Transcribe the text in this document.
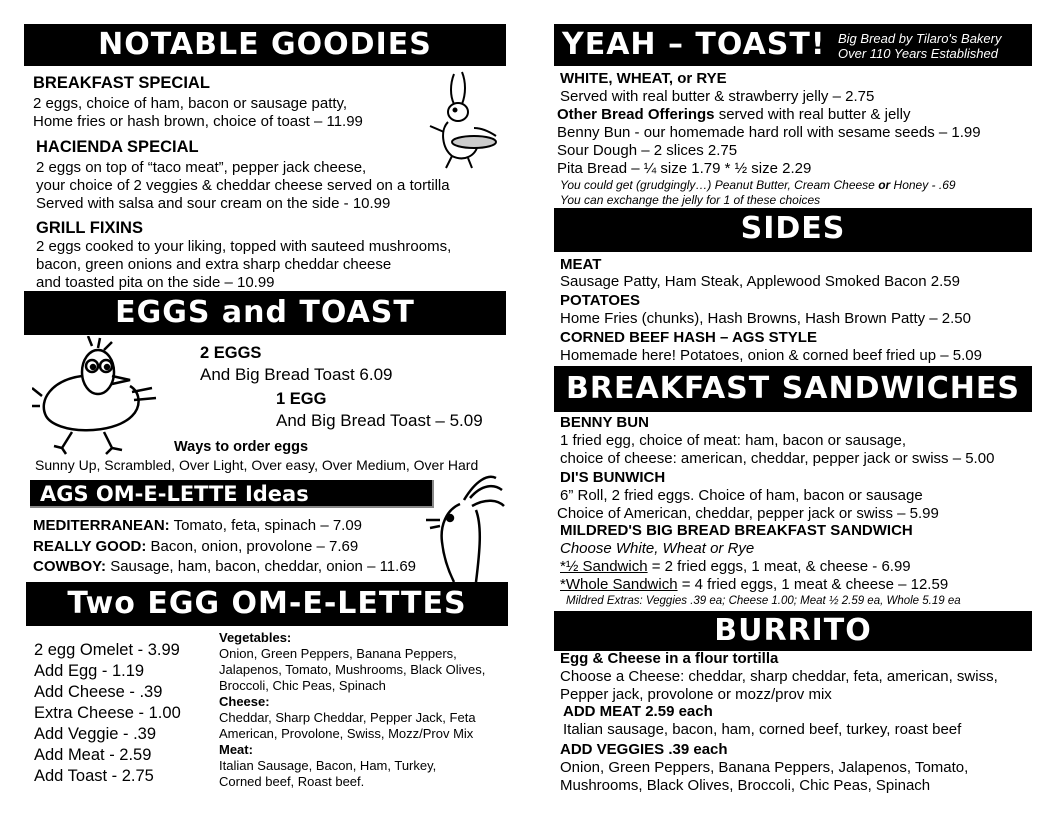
NOTABLE GOODIES
BREAKFAST SPECIAL
2 eggs, choice of ham, bacon or sausage patty,
Home fries or hash brown, choice of toast – 11.99
HACIENDA SPECIAL
2 eggs on top of “taco meat”, pepper jack cheese,
your choice of 2 veggies & cheddar cheese served on a tortilla
Served with salsa and sour cream on the side - 10.99
GRILL FIXINS
2 eggs cooked to your liking, topped with sauteed mushrooms,
bacon, green onions and extra sharp cheddar cheese
and toasted pita on the side – 10.99
EGGS and TOAST
2 EGGS
And Big Bread Toast 6.09
1 EGG
And Big Bread Toast – 5.09
Ways to order eggs
Sunny Up, Scrambled, Over Light, Over easy, Over Medium, Over Hard
AGS OM-E-LETTE Ideas
MEDITERRANEAN: Tomato, feta, spinach – 7.09
REALLY GOOD: Bacon, onion, provolone – 7.69
COWBOY: Sausage, ham, bacon, cheddar, onion – 11.69
Two EGG OM-E-LETTES
2 egg Omelet - 3.99
Add Egg - 1.19
Add Cheese - .39
Extra Cheese - 1.00
Add Veggie - .39
Add Meat - 2.59
Add Toast - 2.75
Vegetables:
Onion, Green Peppers, Banana Peppers,
Jalapenos, Tomato, Mushrooms, Black Olives,
Broccoli, Chic Peas, Spinach
Cheese:
Cheddar, Sharp Cheddar, Pepper Jack, Feta
American, Provolone, Swiss, Mozz/Prov Mix
Meat:
Italian Sausage, Bacon, Ham, Turkey,
Corned beef, Roast beef.
YEAH – TOAST! Big Bread by Tilaro's Bakery
Over 110 Years Established
WHITE, WHEAT, or RYE
Served with real butter & strawberry jelly – 2.75
Other Bread Offerings served with real butter & jelly
Benny Bun - our homemade hard roll with sesame seeds – 1.99
Sour Dough – 2 slices 2.75
Pita Bread – ¼ size 1.79 * ½ size 2.29
You could get (grudgingly…) Peanut Butter, Cream Cheese or Honey - .69
You can exchange the jelly for 1 of these choices
SIDES
MEAT
Sausage Patty, Ham Steak, Applewood Smoked Bacon 2.59
POTATOES
Home Fries (chunks), Hash Browns, Hash Brown Patty – 2.50
CORNED BEEF HASH – AGS STYLE
Homemade here! Potatoes, onion & corned beef fried up – 5.09
BREAKFAST SANDWICHES
BENNY BUN
1 fried egg, choice of meat: ham, bacon or sausage,
choice of cheese: american, cheddar, pepper jack or swiss – 5.00
DI'S BUNWICH
6” Roll, 2 fried eggs. Choice of ham, bacon or sausage
Choice of American, cheddar, pepper jack or swiss – 5.99
MILDRED'S BIG BREAD BREAKFAST SANDWICH
Choose White, Wheat or Rye
*½ Sandwich = 2 fried eggs, 1 meat, & cheese - 6.99
*Whole Sandwich = 4 fried eggs, 1 meat & cheese – 12.59
Mildred Extras: Veggies .39 ea; Cheese 1.00; Meat ½ 2.59 ea, Whole 5.19 ea
BURRITO
Egg & Cheese in a flour tortilla
Choose a Cheese: cheddar, sharp cheddar, feta, american, swiss,
Pepper jack, provolone or mozz/prov mix
ADD MEAT 2.59 each
Italian sausage, bacon, ham, corned beef, turkey, roast beef
ADD VEGGIES .39 each
Onion, Green Peppers, Banana Peppers, Jalapenos, Tomato,
Mushrooms, Black Olives, Broccoli, Chic Peas, Spinach
